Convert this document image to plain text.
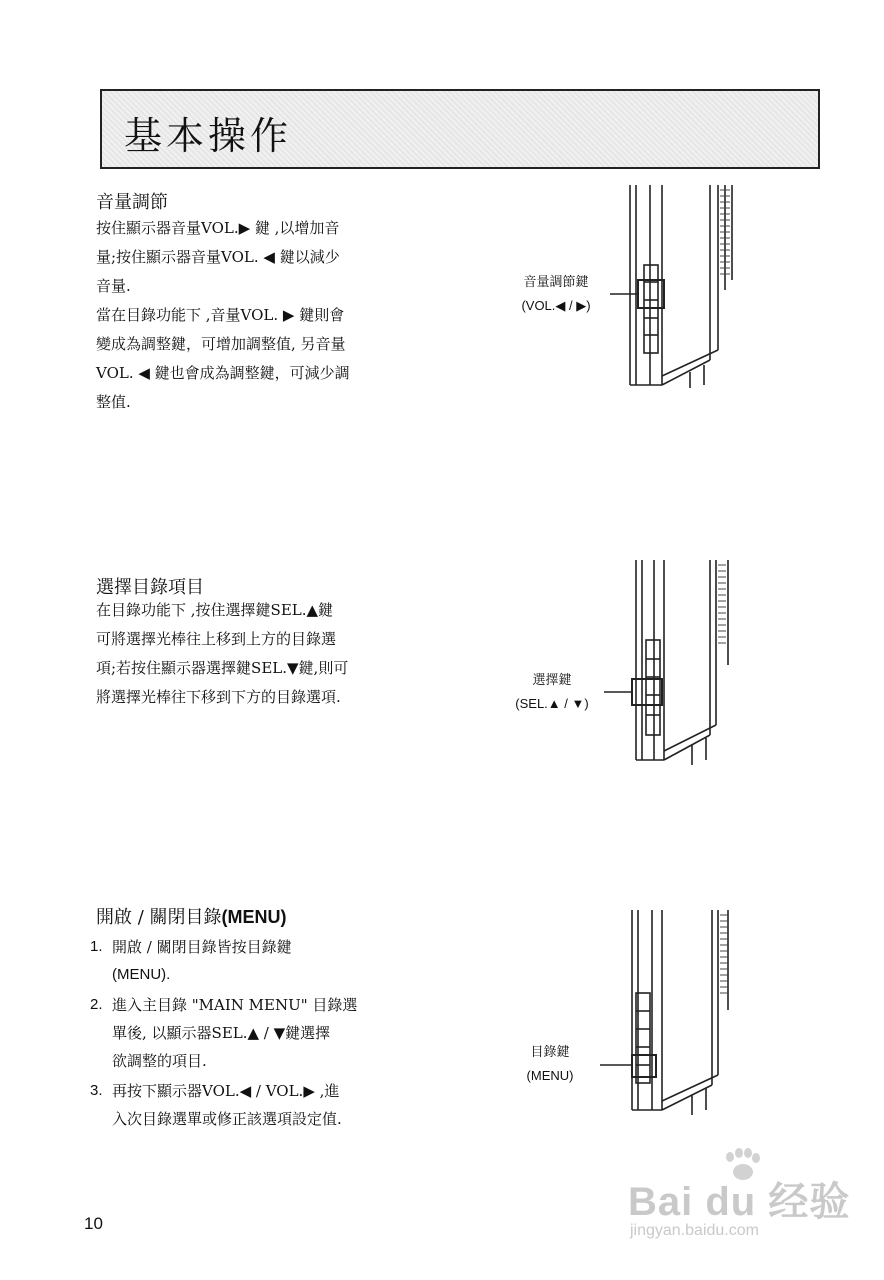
基本操作
音量調節
按住顯示器音量VOL.▶ 鍵 ,以增加音
量;按住顯示器音量VOL. ◀ 鍵以減少
音量.
當在目錄功能下 ,音量VOL. ▶ 鍵則會
變成為調整鍵，可增加調整值, 另音量
VOL. ◀ 鍵也會成為調整鍵，可減少調
整值.
音量調節鍵
(VOL.◀ / ▶)
選擇目錄項目
在目錄功能下 ,按住選擇鍵SEL.▲鍵
可將選擇光棒往上移到上方的目錄選
項;若按住顯示器選擇鍵SEL.▼鍵,則可
將選擇光棒往下移到下方的目錄選項.
選擇鍵
(SEL.▲ / ▼)
開啟 / 關閉目錄(MENU)
1. 開啟 / 關閉目錄皆按目錄鍵
(MENU).
2. 進入主目錄 "MAIN MENU" 目錄選
單後, 以顯示器SEL.▲ / ▼鍵選擇
欲調整的項目.
3. 再按下顯示器VOL.◀ / VOL.▶ ,進
入次目錄選單或修正該選項設定值.
目錄鍵
(MENU)
10	Bai du 经验
jingyan.baidu.com
